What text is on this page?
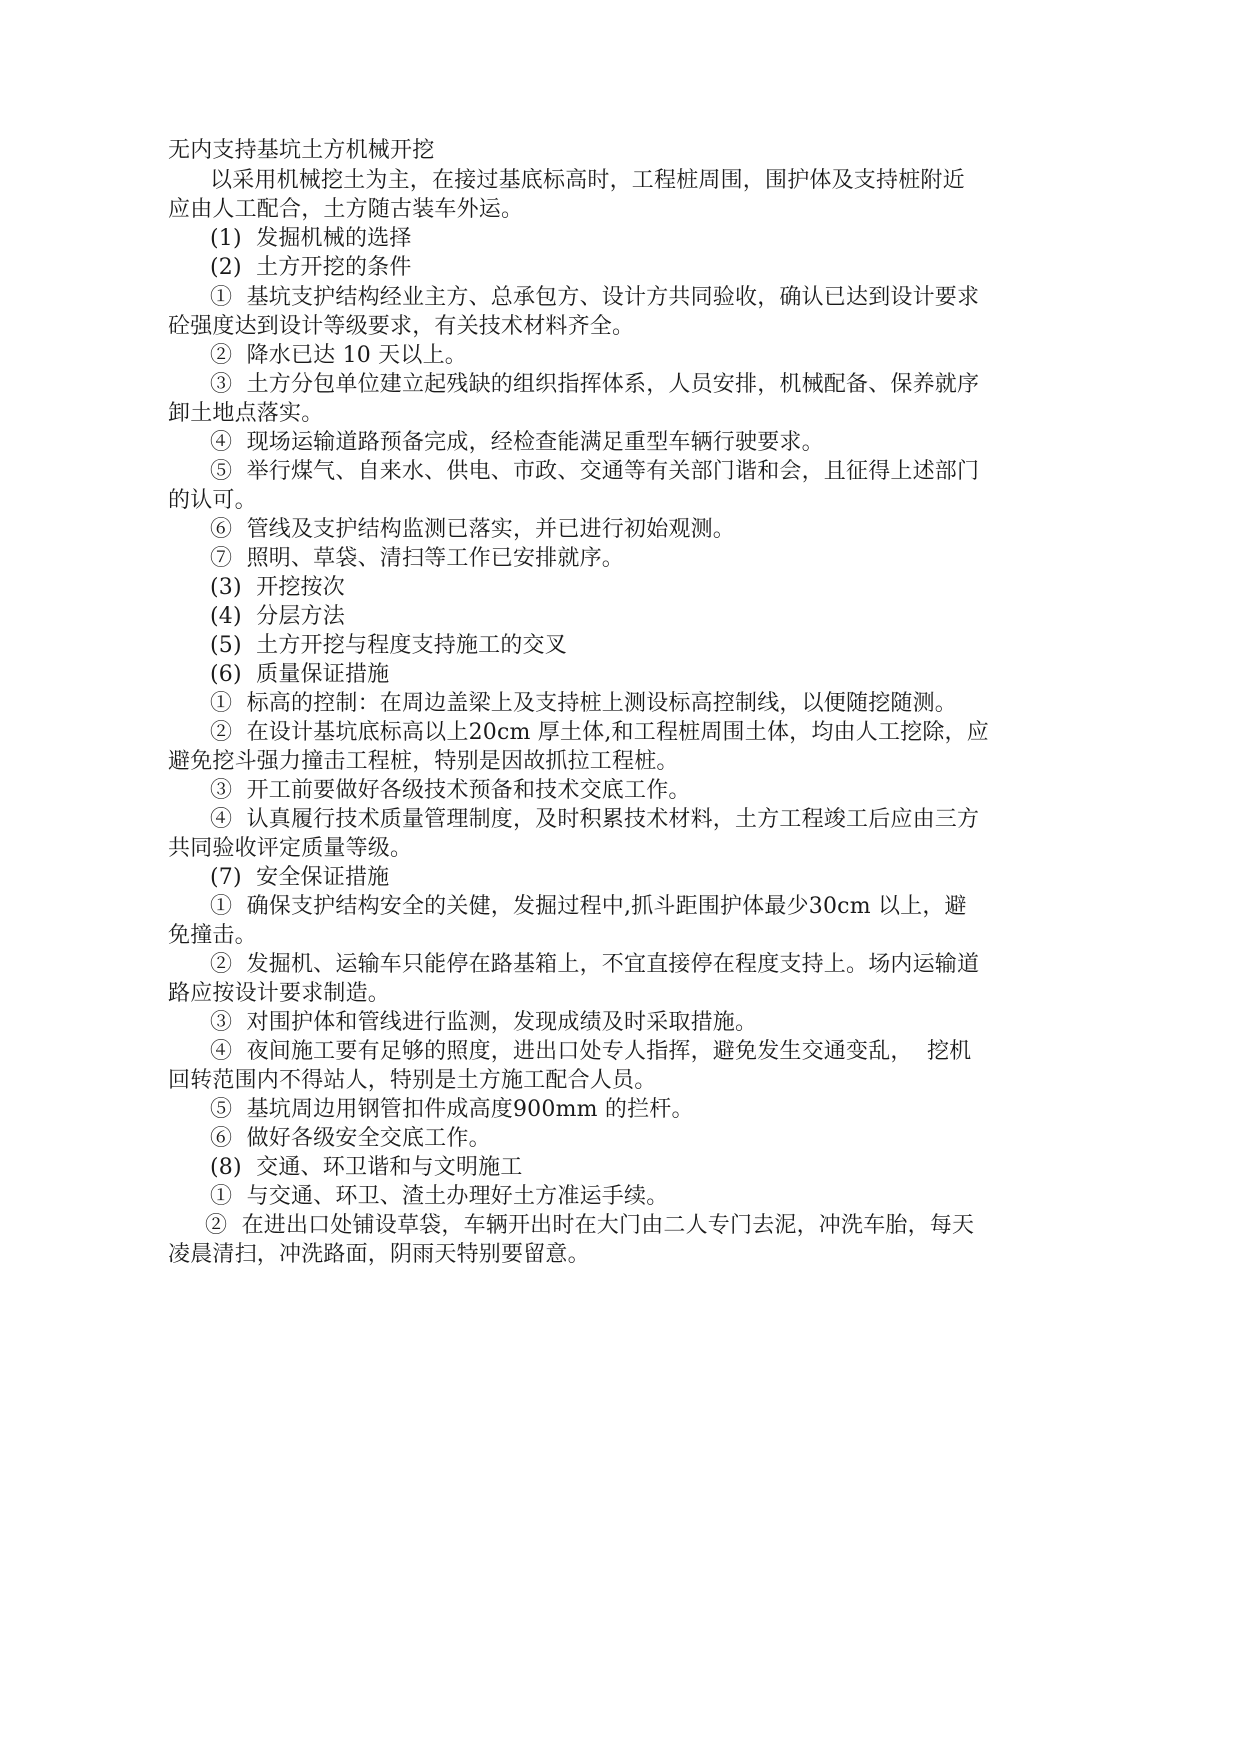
无内支持基坑土方机械开挖
以采用机械挖土为主，在接过基底标高时，工程桩周围，围护体及支持桩附近
应由人工配合，土方随古装车外运。
(1)  发掘机械的选择
(2)  土方开挖的条件
①  基坑支护结构经业主方、总承包方、设计方共同验收，确认已达到设计要求
砼强度达到设计等级要求，有关技术材料齐全。
②  降水已达 10 天以上。
③  土方分包单位建立起残缺的组织指挥体系，人员安排，机械配备、保养就序
卸土地点落实。
④  现场运输道路预备完成，经检查能满足重型车辆行驶要求。
⑤  举行煤气、自来水、供电、市政、交通等有关部门谐和会，且征得上述部门
的认可。
⑥  管线及支护结构监测已落实，并已进行初始观测。
⑦  照明、草袋、清扫等工作已安排就序。
(3)  开挖按次
(4)  分层方法
(5)  土方开挖与程度支持施工的交叉
(6)  质量保证措施
①  标高的控制：在周边盖梁上及支持桩上测设标高控制线，以便随挖随测。
②  在设计基坑底标高以上20cm 厚土体,和工程桩周围土体，均由人工挖除，应
避免挖斗强力撞击工程桩，特别是因故抓拉工程桩。
③  开工前要做好各级技术预备和技术交底工作。
④  认真履行技术质量管理制度，及时积累技术材料，土方工程竣工后应由三方
共同验收评定质量等级。
(7)  安全保证措施
①  确保支护结构安全的关健，发掘过程中,抓斗距围护体最少30cm 以上，避
免撞击。
②  发掘机、运输车只能停在路基箱上，不宜直接停在程度支持上。场内运输道
路应按设计要求制造。
③  对围护体和管线进行监测，发现成绩及时采取措施。
④  夜间施工要有足够的照度，进出口处专人指挥，避免发生交通变乱，  挖机
回转范围内不得站人，特别是土方施工配合人员。
⑤  基坑周边用钢管扣件成高度900mm 的拦杆。
⑥  做好各级安全交底工作。
(8)  交通、环卫谐和与文明施工
①  与交通、环卫、渣土办理好土方准运手续。
②  在进出口处铺设草袋，车辆开出时在大门由二人专门去泥，冲洗车胎，每天
凌晨清扫，冲洗路面，阴雨天特别要留意。
